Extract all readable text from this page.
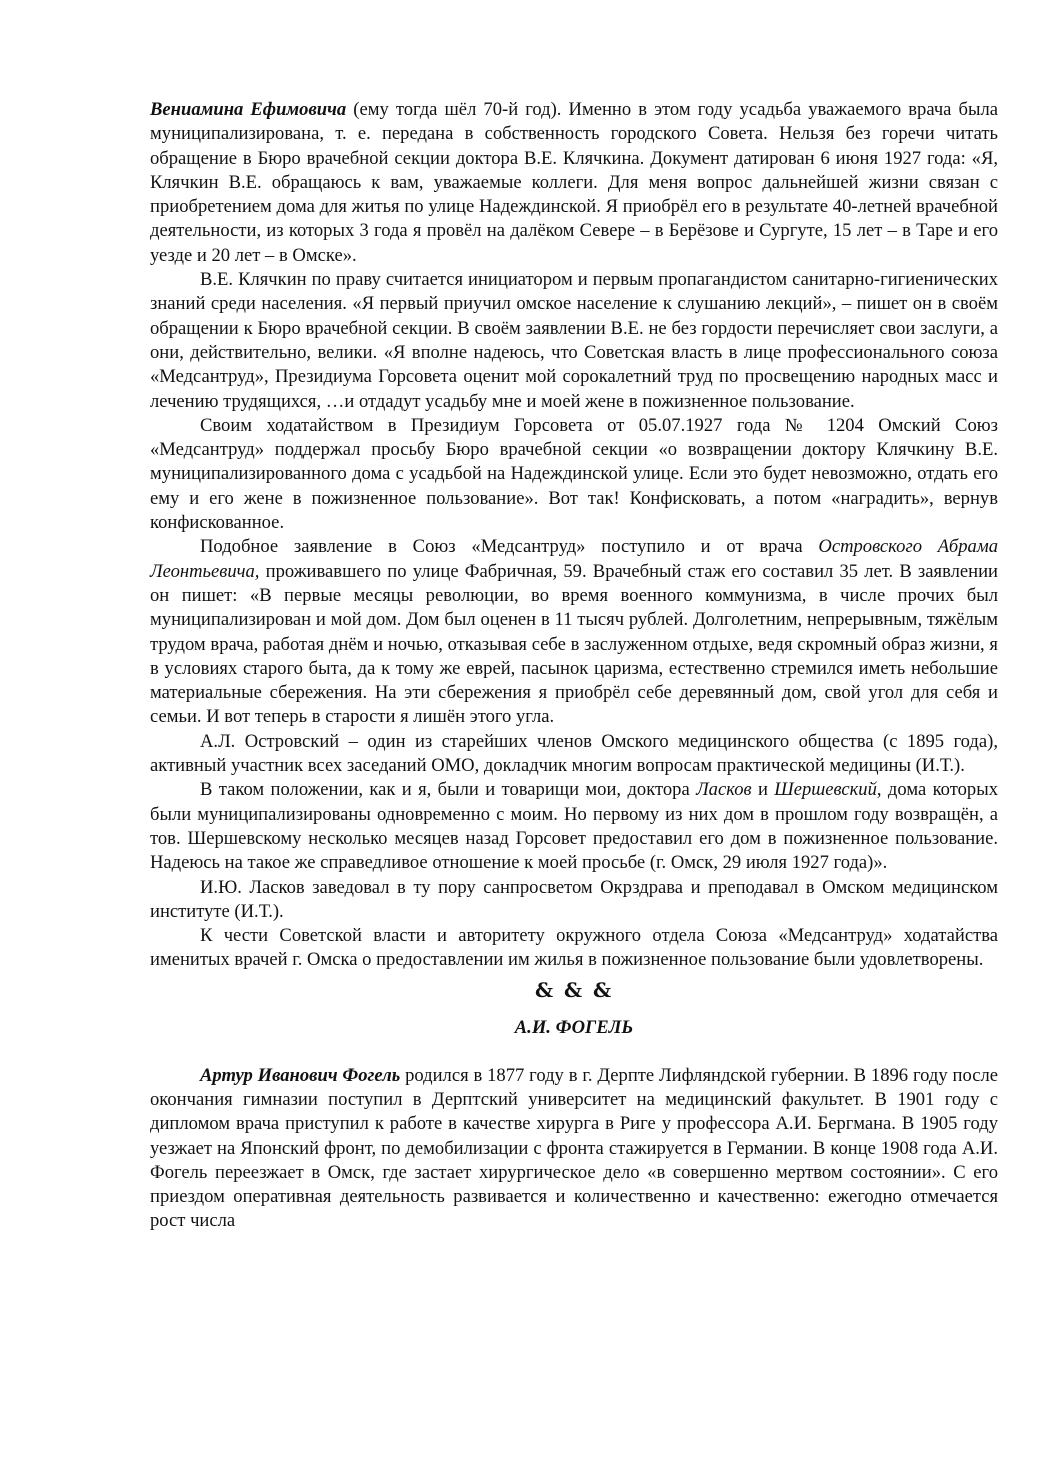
Вениамина Ефимовича (ему тогда шёл 70-й год). Именно в этом году усадьба уважаемого врача была муниципализирована, т. е. передана в собственность городского Совета. Нельзя без горечи читать обращение в Бюро врачебной секции доктора В.Е. Клячкина. Документ датирован 6 июня 1927 года: «Я, Клячкин В.Е. обращаюсь к вам, уважаемые коллеги. Для меня вопрос дальнейшей жизни связан с приобретением дома для житья по улице Надеждинской. Я приобрёл его в результате 40-летней врачебной деятельности, из которых 3 года я провёл на далёком Севере – в Берёзове и Сургуте, 15 лет – в Таре и его уезде и 20 лет – в Омске».

В.Е. Клячкин по праву считается инициатором и первым пропагандистом санитарно-гигиенических знаний среди населения. «Я первый приучил омское население к слушанию лекций», – пишет он в своём обращении к Бюро врачебной секции. В своём заявлении В.Е. не без гордости перечисляет свои заслуги, а они, действительно, велики. «Я вполне надеюсь, что Советская власть в лице профессионального союза «Медсантруд», Президиума Горсовета оценит мой сорокалетний труд по просвещению народных масс и лечению трудящихся, …и отдадут усадьбу мне и моей жене в пожизненное пользование.

Своим ходатайством в Президиум Горсовета от 05.07.1927 года № 1204 Омский Союз «Медсантруд» поддержал просьбу Бюро врачебной секции «о возвращении доктору Клячкину В.Е. муниципализированного дома с усадьбой на Надеждинской улице. Если это будет невозможно, отдать его ему и его жене в пожизненное пользование». Вот так! Конфисковать, а потом «наградить», вернув конфискованное.

Подобное заявление в Союз «Медсантруд» поступило и от врача Островского Абрама Леонтьевича, проживавшего по улице Фабричная, 59. Врачебный стаж его составил 35 лет. В заявлении он пишет: «В первые месяцы революции, во время военного коммунизма, в числе прочих был муниципализирован и мой дом. Дом был оценен в 11 тысяч рублей. Долголетним, непрерывным, тяжёлым трудом врача, работая днём и ночью, отказывая себе в заслуженном отдыхе, ведя скромный образ жизни, я в условиях старого быта, да к тому же еврей, пасынок царизма, естественно стремился иметь небольшие материальные сбережения. На эти сбережения я приобрёл себе деревянный дом, свой угол для себя и семьи. И вот теперь в старости я лишён этого угла.

А.Л. Островский – один из старейших членов Омского медицинского общества (с 1895 года), активный участник всех заседаний ОМО, докладчик многим вопросам практической медицины (И.Т.).

В таком положении, как и я, были и товарищи мои, доктора Ласков и Шершевский, дома которых были муниципализированы одновременно с моим. Но первому из них дом в прошлом году возвращён, а тов. Шершевскому несколько месяцев назад Горсовет предоставил его дом в пожизненное пользование. Надеюсь на такое же справедливое отношение к моей просьбе (г. Омск, 29 июля 1927 года)».

И.Ю. Ласков заведовал в ту пору санпросветом Окрздрава и преподавал в Омском медицинском институте (И.Т.).

К чести Советской власти и авторитету окружного отдела Союза «Медсантруд» ходатайства именитых врачей г. Омска о предоставлении им жилья в пожизненное пользование были удовлетворены.

& & &
А.И. ФОГЕЛЬ

Артур Иванович Фогель родился в 1877 году в г. Дерпте Лифляндской губернии. В 1896 году после окончания гимназии поступил в Дерптский университет на медицинский факультет. В 1901 году с дипломом врача приступил к работе в качестве хирурга в Риге у профессора А.И. Бергмана. В 1905 году уезжает на Японский фронт, по демобилизации с фронта стажируется в Германии. В конце 1908 года А.И. Фогель переезжает в Омск, где застает хирургическое дело «в совершенно мертвом состоянии». С его приездом оперативная деятельность развивается и количественно и качественно: ежегодно отмечается рост числа
